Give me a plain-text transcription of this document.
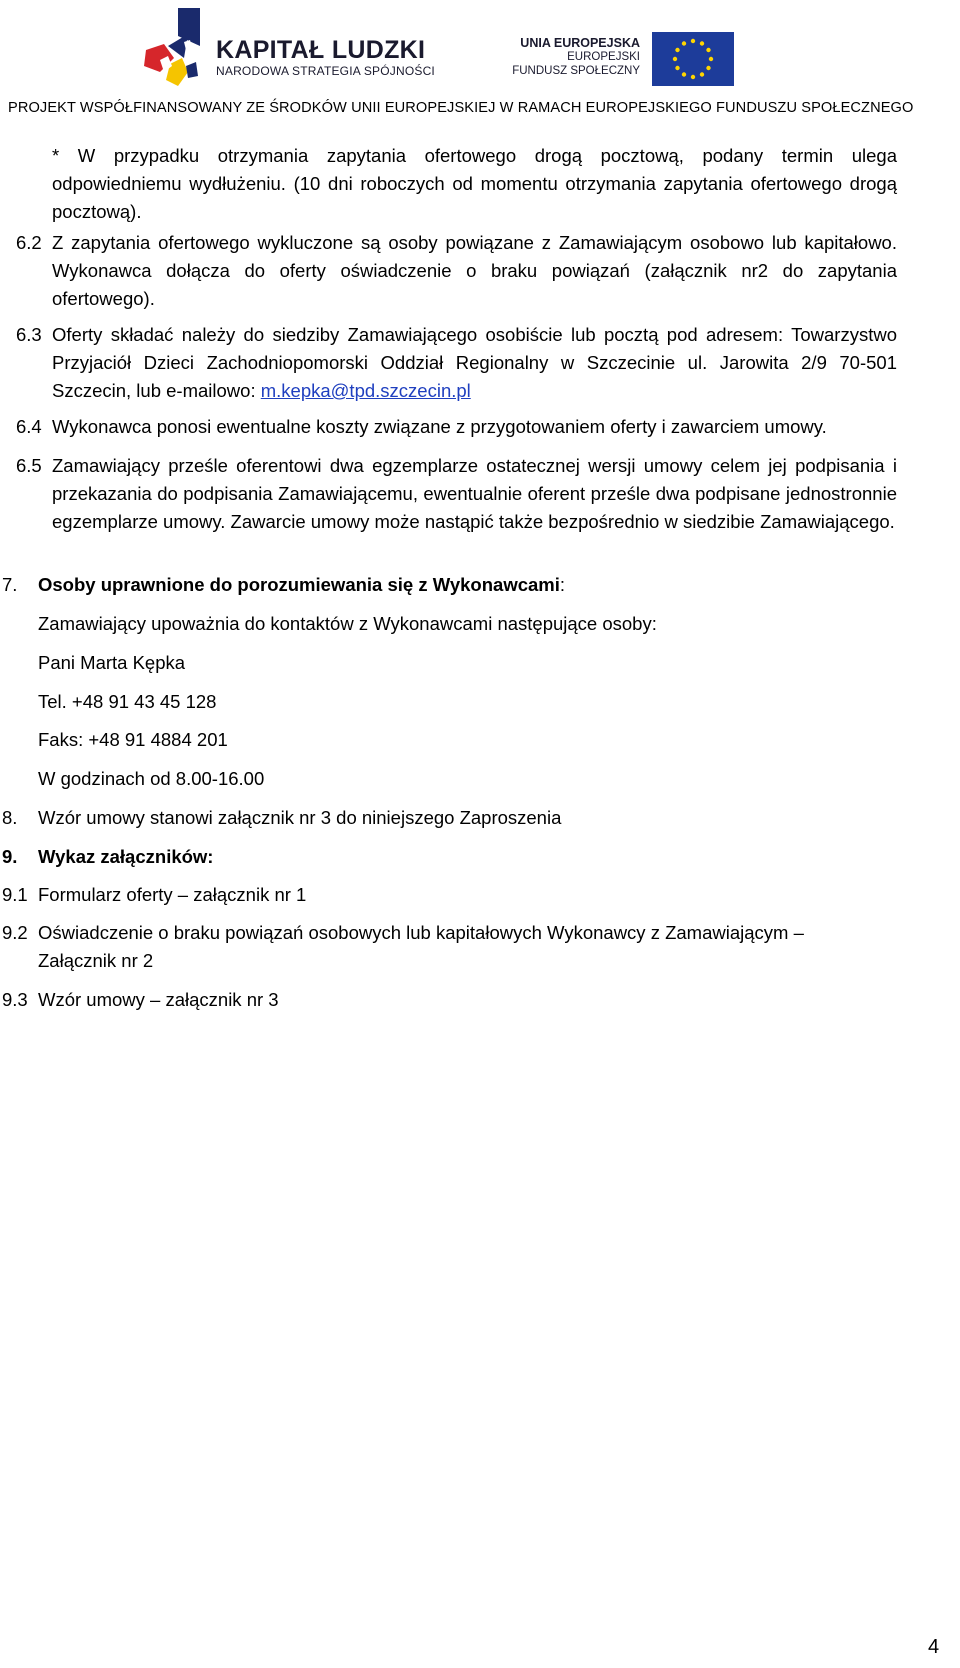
KAPITAŁ LUDZKI
NARODOWA STRATEGIA SPÓJNOŚCI
UNIA EUROPEJSKA
EUROPEJSKI
FUNDUSZ SPOŁECZNY
PROJEKT WSPÓŁFINANSOWANY ZE ŚRODKÓW UNII EUROPEJSKIEJ W RAMACH EUROPEJSKIEGO FUNDUSZU SPOŁECZNEGO
* W przypadku otrzymania zapytania ofertowego drogą pocztową, podany termin ulega odpowiedniemu wydłużeniu. (10 dni roboczych od momentu otrzymania zapytania ofertowego drogą pocztową).
6.2 Z zapytania ofertowego wykluczone są osoby powiązane z Zamawiającym osobowo lub kapitałowo. Wykonawca dołącza do oferty oświadczenie o braku powiązań (załącznik nr2 do zapytania ofertowego).
6.3 Oferty składać należy do siedziby Zamawiającego osobiście lub pocztą pod adresem: Towarzystwo Przyjaciół Dzieci Zachodniopomorski Oddział Regionalny w Szczecinie ul. Jarowita 2/9 70-501 Szczecin, lub e-mailowo: m.kepka@tpd.szczecin.pl
6.4 Wykonawca ponosi ewentualne koszty związane z przygotowaniem oferty i zawarciem umowy.
6.5 Zamawiający prześle oferentowi dwa egzemplarze ostatecznej wersji umowy celem jej podpisania i przekazania do podpisania Zamawiającemu, ewentualnie oferent prześle dwa podpisane jednostronnie egzemplarze umowy. Zawarcie umowy może nastąpić także bezpośrednio w siedzibie Zamawiającego.
7. Osoby uprawnione do porozumiewania się z Wykonawcami:
Zamawiający upoważnia do kontaktów z Wykonawcami następujące osoby:
Pani Marta Kępka
Tel. +48 91 43 45 128
Faks: +48 91 4884 201
W godzinach od 8.00-16.00
8. Wzór umowy stanowi załącznik nr 3 do niniejszego Zaproszenia
9. Wykaz załączników:
9.1 Formularz oferty – załącznik nr 1
9.2 Oświadczenie o braku powiązań osobowych lub kapitałowych Wykonawcy z Zamawiającym – Załącznik nr 2
9.3 Wzór umowy – załącznik nr 3
4
